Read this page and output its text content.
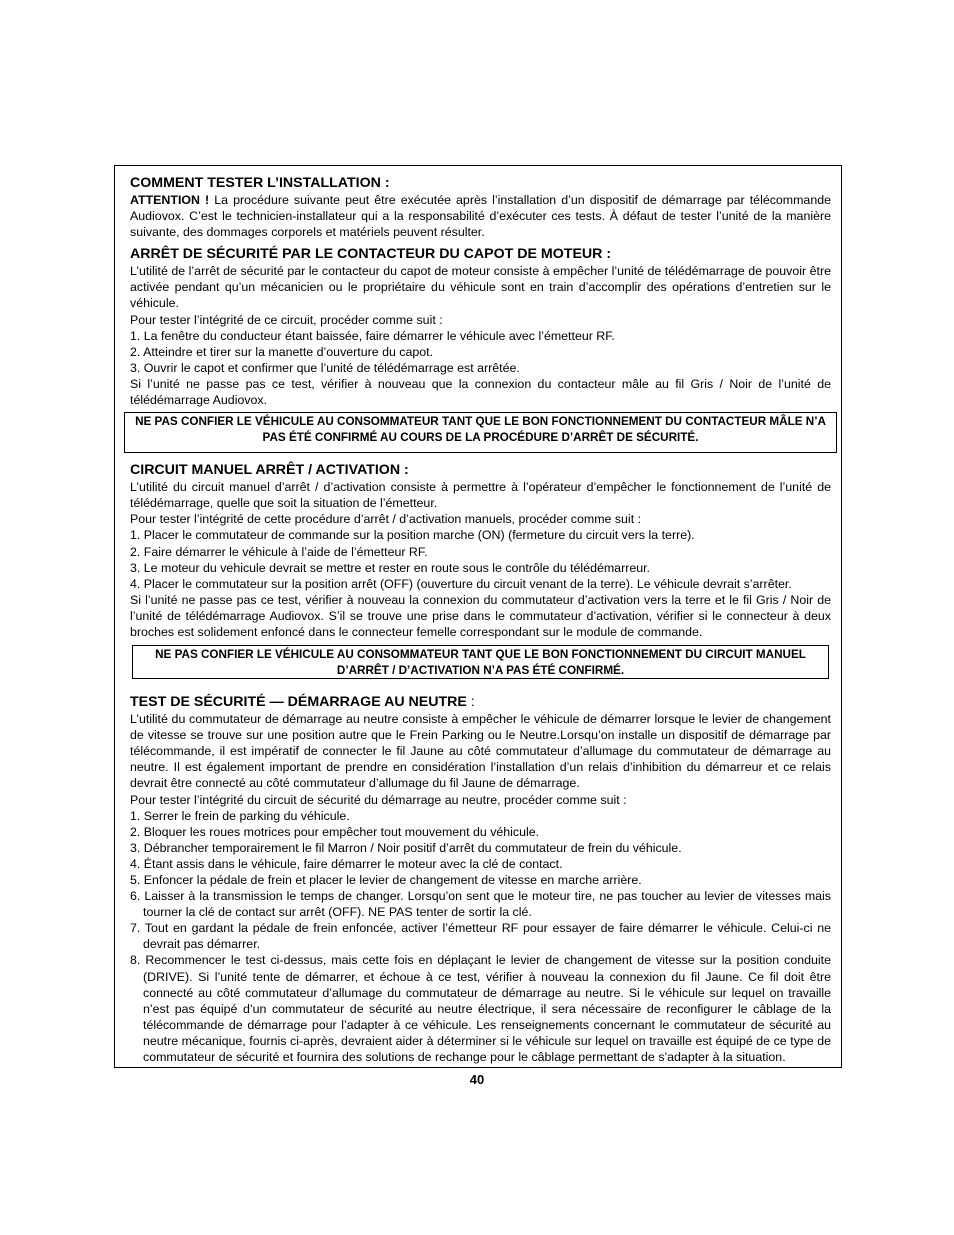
COMMENT TESTER L’INSTALLATION :

ATTENTION ! La procédure suivante peut être exécutée après l’installation d’un dispositif de démarrage par télécommande Audiovox. C’est le technicien-installateur qui a la responsabilité d’exécuter ces tests. À défaut de tester l’unité de la manière suivante, des dommages corporels et matériels peuvent résulter.

ARRÊT DE SÉCURITÉ PAR LE CONTACTEUR DU CAPOT DE MOTEUR :

L’utilité de l’arrêt de sécurité par le contacteur du capot de moteur consiste à empêcher l’unité de télédémarrage de pouvoir être activée pendant qu’un mécanicien ou le propriétaire du véhicule sont en train d’accomplir des opérations d’entretien sur le véhicule.

Pour tester l’intégrité de ce circuit, procéder comme suit :

1. La fenêtre du conducteur étant baissée, faire démarrer le véhicule avec l’émetteur RF.
2. Atteindre et tirer sur la manette d’ouverture du capot.
3. Ouvrir le capot et confirmer que l’unité de télédémarrage est arrêtée.

Si l’unité ne passe pas ce test, vérifier à nouveau que la connexion du contacteur mâle au fil Gris / Noir de l’unité de télédémarrage Audiovox.

NE PAS CONFIER LE VÉHICULE AU CONSOMMATEUR TANT QUE LE BON FONCTIONNEMENT DU CONTACTEUR MÂLE N’A PAS ÉTÉ CONFIRMÉ AU COURS DE LA PROCÉDURE D’ARRÊT DE SÉCURITÉ.
CIRCUIT MANUEL ARRÊT / ACTIVATION :

L’utilité du circuit manuel d’arrêt / d’activation consiste à permettre à l’opérateur d’empêcher le fonctionnement de l’unité de télédémarrage, quelle que soit la situation de l’émetteur.

Pour tester l’intégrité de cette procédure d’arrêt / d’activation manuels, procéder comme suit :

1. Placer le commutateur de commande sur la position marche (ON) (fermeture du circuit vers la terre).
2. Faire démarrer le véhicule à l’aide de l’émetteur RF.
3. Le moteur du vehicule devrait se mettre et rester en route sous le contrôle du télédémarreur.
4. Placer le commutateur sur la position arrêt (OFF) (ouverture du circuit venant de la terre). Le véhicule devrait s’arrêter.

Si l’unité ne passe pas ce test, vérifier à nouveau la connexion du commutateur d’activation vers la terre et le fil Gris / Noir de l’unité de télédémarrage Audiovox. S’il se trouve une prise dans le commutateur d’activation, vérifier si le connecteur à deux broches est solidement enfoncé dans le connecteur femelle correspondant sur le module de commande.

NE PAS CONFIER LE VÉHICULE AU CONSOMMATEUR TANT QUE LE BON FONCTIONNEMENT DU CIRCUIT MANUEL D’ARRÊT / D’ACTIVATION N’A PAS ÉTÉ CONFIRMÉ.
TEST DE SÉCURITÉ — DÉMARRAGE AU NEUTRE :

L’utilité du commutateur de démarrage au neutre consiste à empêcher le véhicule de démarrer lorsque le levier de changement de vitesse se trouve sur une position autre que le Frein Parking ou le Neutre.Lorsqu’on installe un dispositif de démarrage par télécommande, il est impératif de connecter le fil Jaune au côté commutateur d’allumage du commutateur de démarrage au neutre. Il est également important de prendre en considération l’installation d’un relais d’inhibition du démarreur et ce relais devrait être connecté au côté commutateur d’allumage du fil Jaune de démarrage.

Pour tester l’intégrité du circuit de sécurité du démarrage au neutre, procéder comme suit :

1. Serrer le frein de parking du véhicule.
2. Bloquer les roues motrices pour empêcher tout mouvement du véhicule.
3. Débrancher temporairement le fil Marron / Noir positif d’arrêt du commutateur de frein du véhicule.
4. Étant assis dans le véhicule, faire démarrer le moteur avec la clé de contact.
5. Enfoncer la pédale de frein et placer le levier de changement de vitesse en marche arrière.
6. Laisser à la transmission le temps de changer. Lorsqu’on sent que le moteur tire, ne pas toucher au levier de vitesses mais tourner la clé de contact sur arrêt (OFF). NE PAS tenter de sortir la clé.
7. Tout en gardant la pédale de frein enfoncée, activer l’émetteur RF pour essayer de faire démarrer le véhicule. Celui-ci ne devrait pas démarrer.
8. Recommencer le test ci-dessus, mais cette fois en déplaçant le levier de changement de vitesse sur la position conduite (DRIVE). Si l’unité tente de démarrer, et échoue à ce test, vérifier à nouveau la connexion du fil Jaune. Ce fil doit être connecté au côté commutateur d’allumage du commutateur de démarrage au neutre. Si le véhicule sur lequel on travaille n’est pas équipé d’un commutateur de sécurité au neutre électrique, il sera nécessaire de reconfigurer le câblage de la télécommande de démarrage pour l’adapter à ce véhicule. Les renseignements concernant le commutateur de sécurité au neutre mécanique, fournis ci-après, devraient aider à déterminer si le véhicule sur lequel on travaille est équipé de ce type de commutateur de sécurité et fournira des solutions de rechange pour le câblage permettant de s’adapter à la situation.
40
